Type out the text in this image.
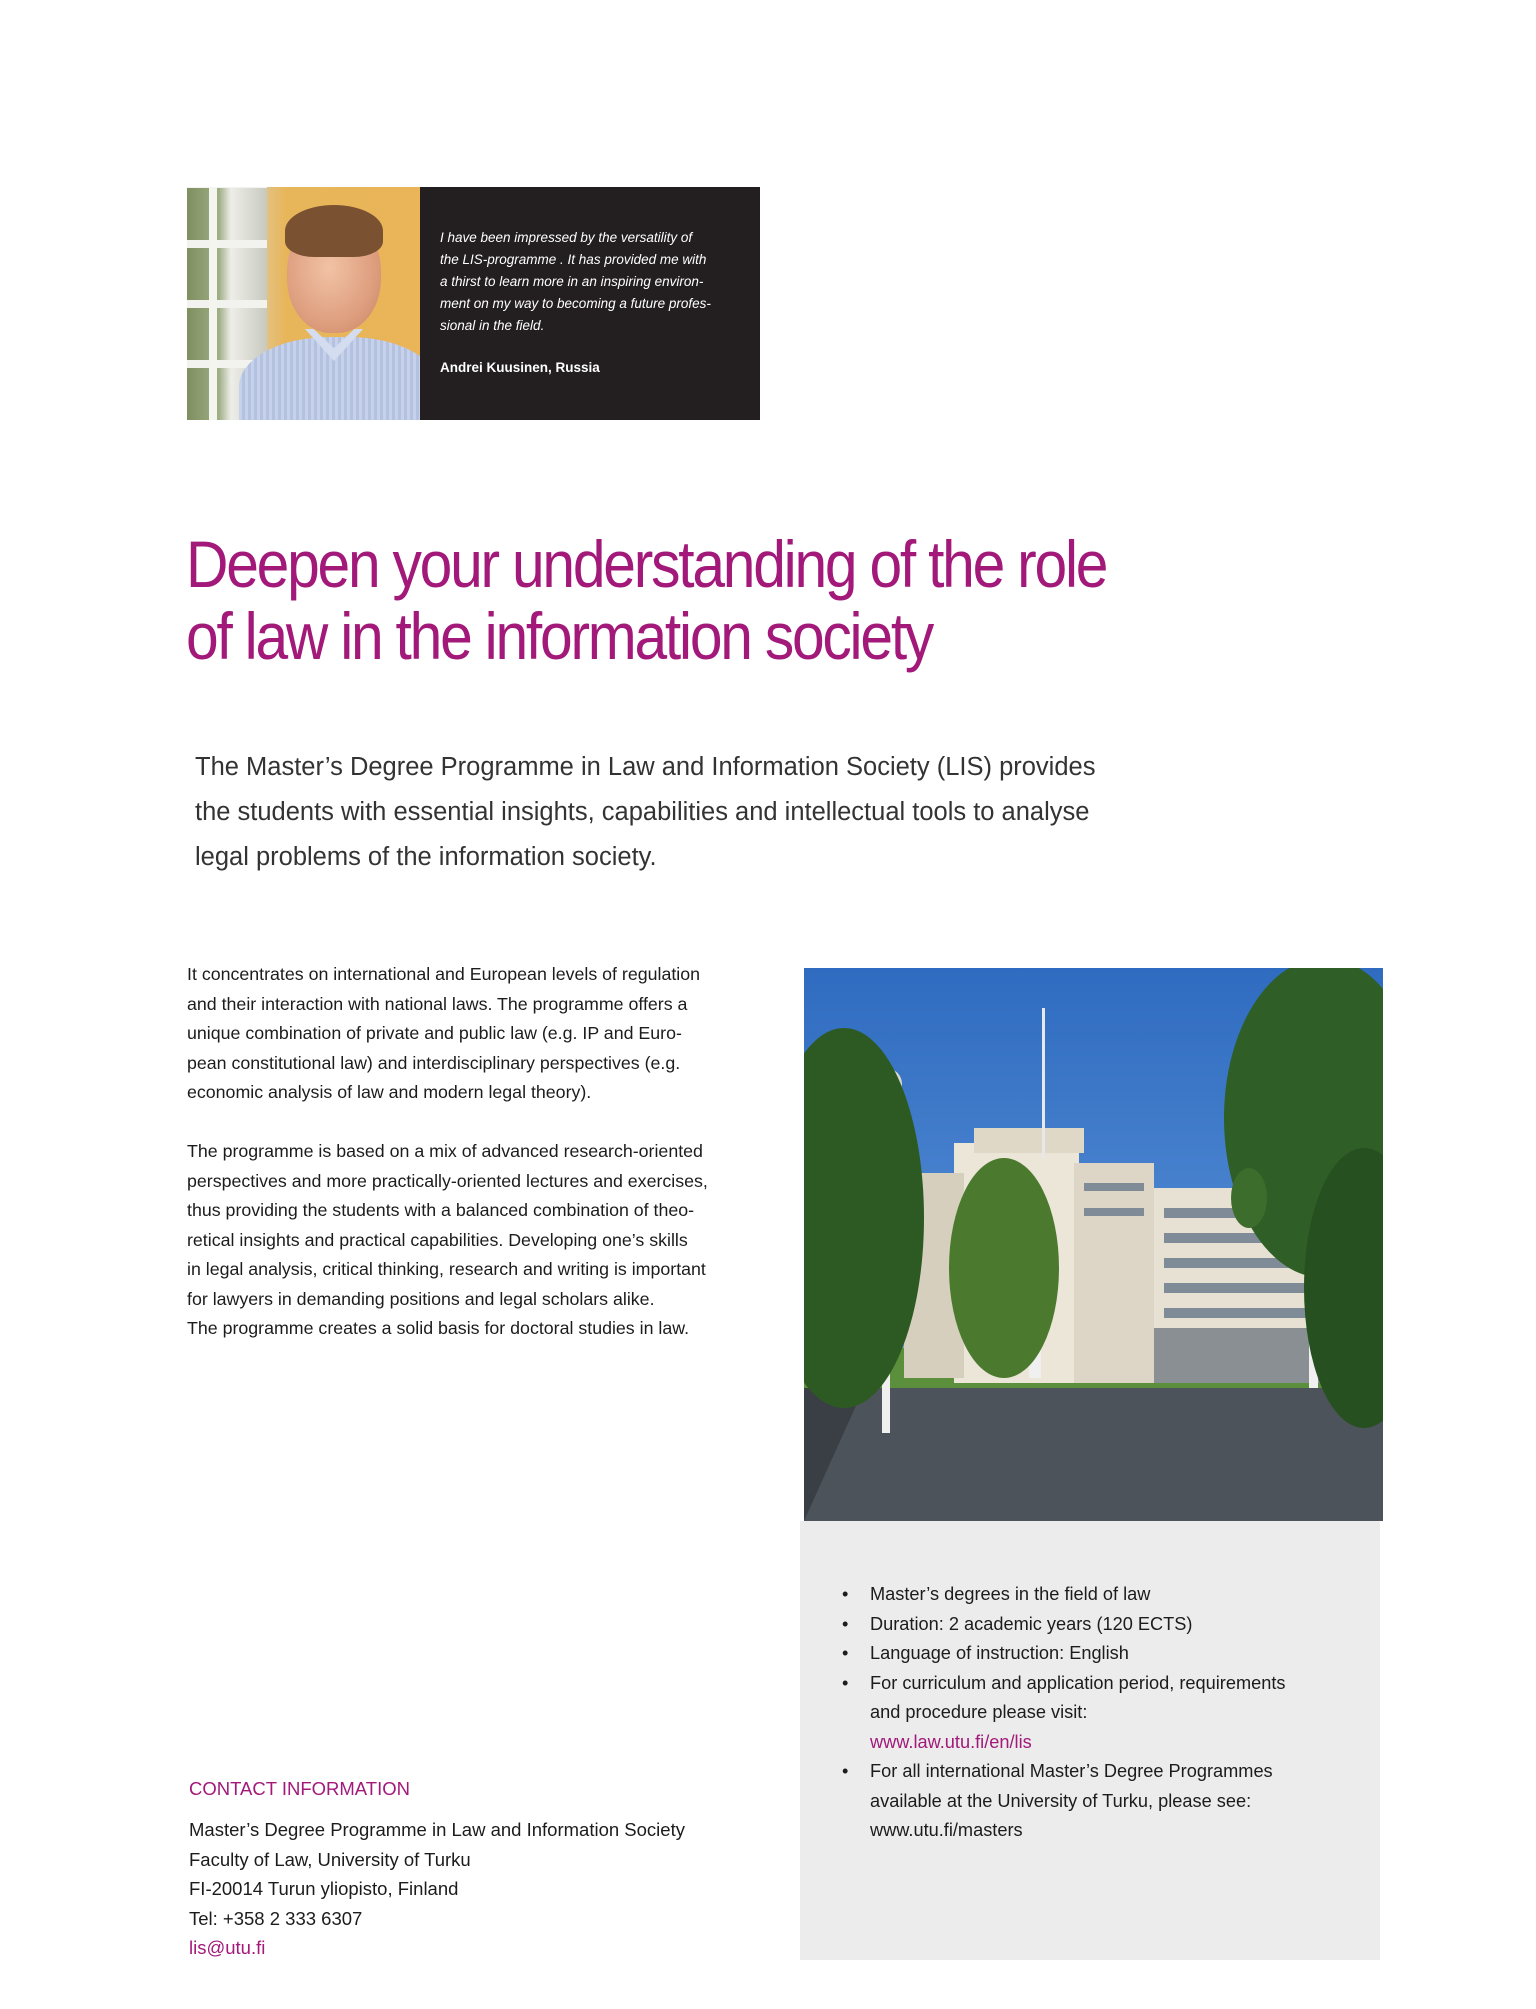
I have been impressed by the versatility of
the LIS-programme . It has provided me with
a thirst to learn more in an inspiring environ-
ment on my way to becoming a future profes-
sional in the field.

Andrei Kuusinen, Russia
Deepen your understanding of the role
of law in the information society

The Master’s Degree Programme in Law and Information Society (LIS) provides
the students with essential insights, capabilities and intellectual tools to analyse
legal problems of the information society.

It concentrates on international and European levels of regulation
and their interaction with national laws. The programme offers a
unique combination of private and public law (e.g. IP and Euro-
pean constitutional law) and interdisciplinary perspectives (e.g.
economic analysis of law and modern legal theory).

The programme is based on a mix of advanced research-oriented
perspectives and more practically-oriented lectures and exercises,
thus providing the students with a balanced combination of theo-
retical insights and practical capabilities. Developing one’s skills
in legal analysis, critical thinking, research and writing is important
for lawyers in demanding positions and legal scholars alike.
The programme creates a solid basis for doctoral studies in law.

• Master’s degrees in the field of law
• Duration: 2 academic years (120 ECTS)
• Language of instruction: English
• For curriculum and application period, requirements
and procedure please visit:
www.law.utu.fi/en/lis
• For all international Master’s Degree Programmes
available at the University of Turku, please see:
www.utu.fi/masters
CONTACT INFORMATION
Master’s Degree Programme in Law and Information Society
Faculty of Law, University of Turku
FI-20014 Turun yliopisto, Finland
Tel: +358 2 333 6307
lis@utu.fi
